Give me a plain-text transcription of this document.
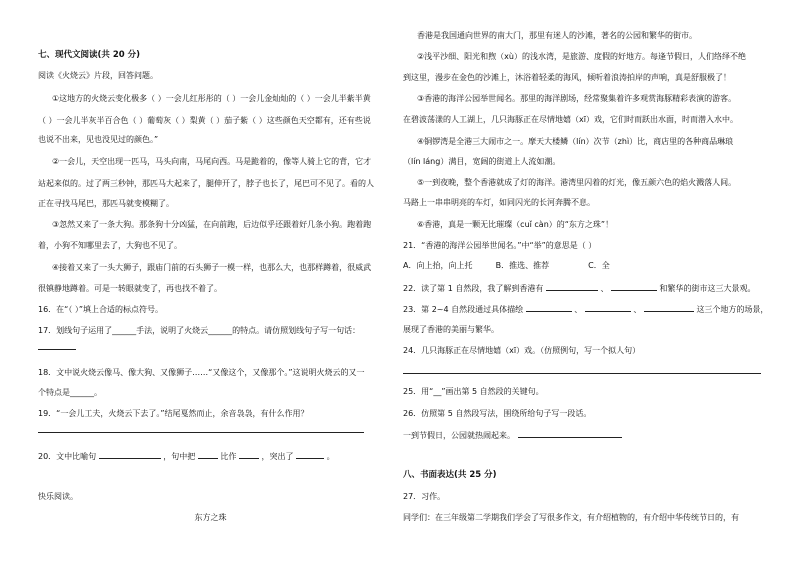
七、现代文阅读(共 20 分)
阅读《火烧云》片段，回答问题。
①这地方的火烧云变化极多（ ）一会儿红彤彤的（ ）一会儿金灿灿的（ ）一会儿半紫半黄
（ ）一会儿半灰半百合色（ ）葡萄灰（ ）梨黄（ ）茄子紫（ ）这些颜色天空都有，还有些说
也说不出来，见也没见过的颜色。”
②一会儿，天空出现一匹马，马头向南，马尾向西。马是跪着的，像等人骑上它的背，它才
站起来似的。过了两三秒钟，那匹马大起来了，腿伸开了，脖子也长了，尾巴可不见了。看的人
正在寻找马尾巴，那匹马就变模糊了。
③忽然又来了一条大狗。那条狗十分凶猛，在向前跑，后边似乎还跟着好几条小狗。跑着跑
着，小狗不知哪里去了，大狗也不见了。
④接着又来了一头大狮子，跟庙门前的石头狮子一模一样，也那么大，也那样蹲着，很威武
很镇静地蹲着。可是一转眼就变了，再也找不着了。
16．在“（ ）”填上合适的标点符号。
17．划线句子运用了______手法，说明了火烧云______的特点。请仿照划线句子写一句话：
18．文中说火烧云像马、像大狗、又像狮子……“又像这个，又像那个。”这说明火烧云的又一
个特点是______。
19．“一会儿工夫，火烧云下去了。”结尾戛然而止，余音袅袅，有什么作用？
20．文中比喻句	，句中把	比作	，突出了	。
快乐阅读。
东方之珠
香港是我国通向世界的南大门，那里有迷人的沙滩，著名的公园和繁华的街市。
②浅平沙细、阳光和煦（xù）的浅水湾，是旅游、度假的好地方。每逢节假日，人们络绎不绝
到这里，漫步在金色的沙滩上，沐浴着轻柔的海风，倾听着浪涛拍岸的声响，真是舒服极了！
③香港的海洋公园举世闻名。那里的海洋剧场，经常聚集着许多观赏海豚精彩表演的游客。
在碧波荡漾的人工湖上，几只海豚正在尽情地嬉（xī）戏，它们时而跃出水面，时而潜入水中。
④铜锣湾是全港三大闹市之一。摩天大楼鳞（lín）次节（zhì）比，商店里的各种商品琳琅
（lín láng）满目，宽阔的街道上人流如潮。
⑤一到夜晚，整个香港就成了灯的海洋。港湾里闪着的灯光，像五颜六色的焰火溅落人间。
马路上一串串明亮的车灯，如同闪光的长河奔腾不息。
⑥香港，真是一颗无比璀璨（cuǐ càn）的“东方之珠”！
21．“香港的海洋公园举世闻名。”中“举”的意思是（ ）
A．向上抬，向上托	B．推选、推荐	C．全
22．读了第 1 自然段，我了解到香港有	、	和繁华的街市这三大景观。
23．第 2~4 自然段通过具体描绘	、	、	这三个地方的场景，
展现了香港的美丽与繁华。
24．几只海豚正在尽情地嬉（xī）戏。（仿照例句，写一个拟人句）
25．用“__”画出第 5 自然段的关键句。
26．仿照第 5 自然段写法，围绕所给句子写一段话。
一到节假日，公园就热闹起来。
八、书面表达(共 25 分)
27．习作。
同学们：在三年级第二学期我们学会了写很多作文，有介绍植物的，有介绍中华传统节日的，有
